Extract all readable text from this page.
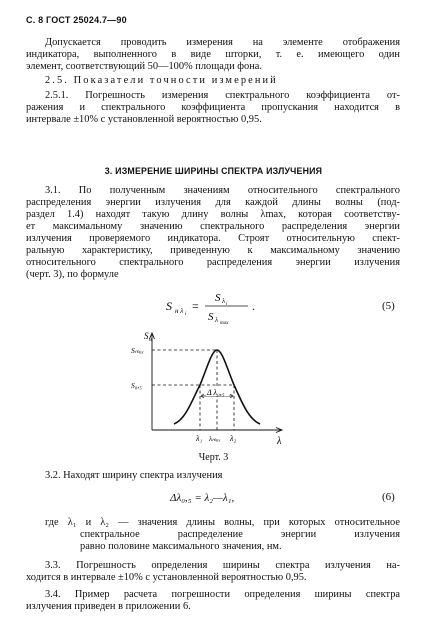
С. 8 ГОСТ 25024.7—90
Допускается проводить измерения на элементе отображения
индикатора, выполненного в виде шторки, т. е. имеющего один
элемент, соответствующий 50—100% площади фона.
2.5. Показатели точности измерений
2.5.1. Погрешность измерения спектрального коэффициента от-
ражения и спектрального коэффициента пропускания находится в
интервале ±10% с установленной вероятностью 0,95.
3. ИЗМЕРЕНИЕ ШИРИНЫ СПЕКТРА ИЗЛУЧЕНИЯ
3.1. По полученным значениям относительного спектрального
распределения энергии излучения для каждой длины волны (под-
раздел 1.4) находят такую длину волны λmax, которая соответству-
ет максимальному значению спектрального распределения энергии
излучения проверяемого индикатора. Строят относительную спект-
ральную характеристику, приведенную к максимальному значению
относительного спектрального распределения энергии излучения
(черт. 3), по формуле
S н λ i
=
S λ i
S λ max
.	(5)
Δ λ₀,₅
S н
Sₘₐₓ
S₀,₅
λ
λ₁ λₘₐₓ λ₂
Черт. 3
3.2. Находят ширину спектра излучения
Δλ₀,₅ = λ₂—λ₁,	(6)
где λ₁ и λ₂ — значения длины волны, при которых относительное
спектральное распределение энергии излучения
равно половине максимального значения, нм.
3.3. Погрешность определения ширины спектра излучения на-
ходится в интервале ±10% с установленной вероятностью 0,95.
3.4. Пример расчета погрешности определения ширины спектра
излучения приведен в приложении 6.
